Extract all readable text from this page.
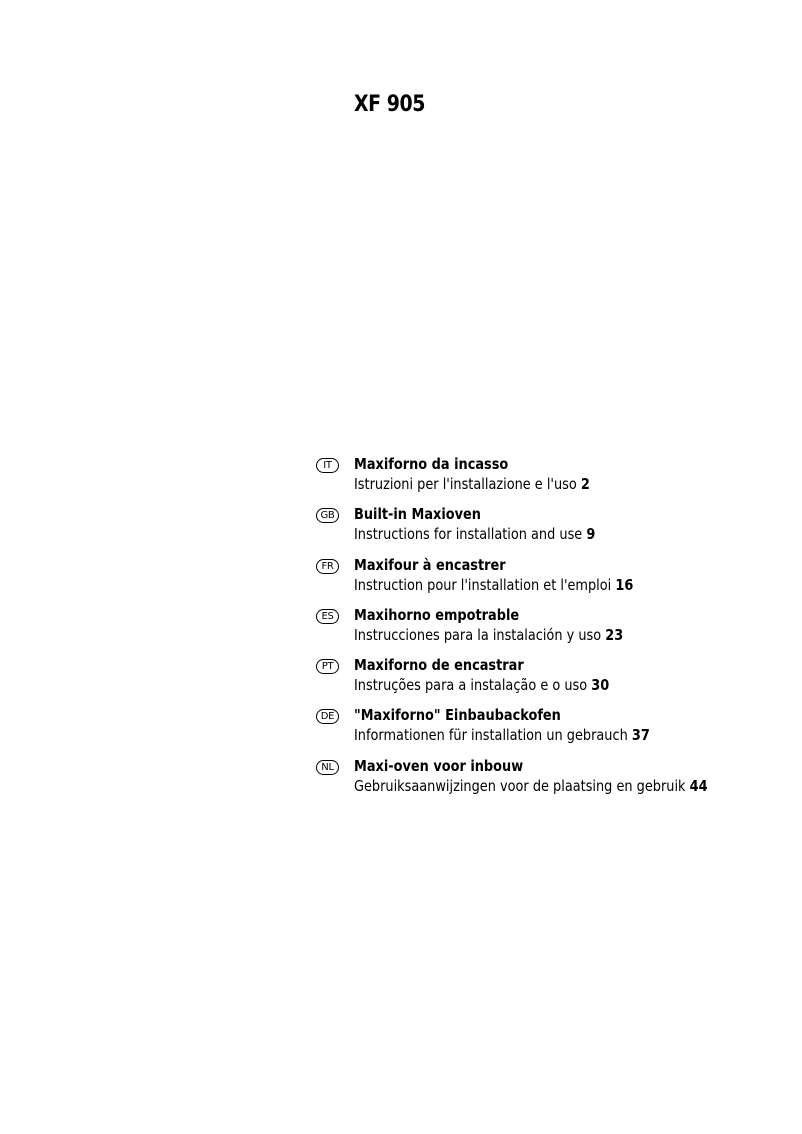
XF 905
IT	Maxiforno da incasso
Istruzioni per l'installazione e l'uso 2
GB	Built-in Maxioven
Instructions for installation and use 9
FR	Maxifour à encastrer
Instruction pour l'installation et l'emploi 16
ES	Maxihorno empotrable
Instrucciones para la instalación y uso 23
PT	Maxiforno de encastrar
Instruções para a instalação e o uso 30
DE	"Maxiforno" Einbaubackofen
Informationen für installation un gebrauch 37
NL	Maxi-oven voor inbouw
Gebruiksaanwijzingen voor de plaatsing en gebruik 44
